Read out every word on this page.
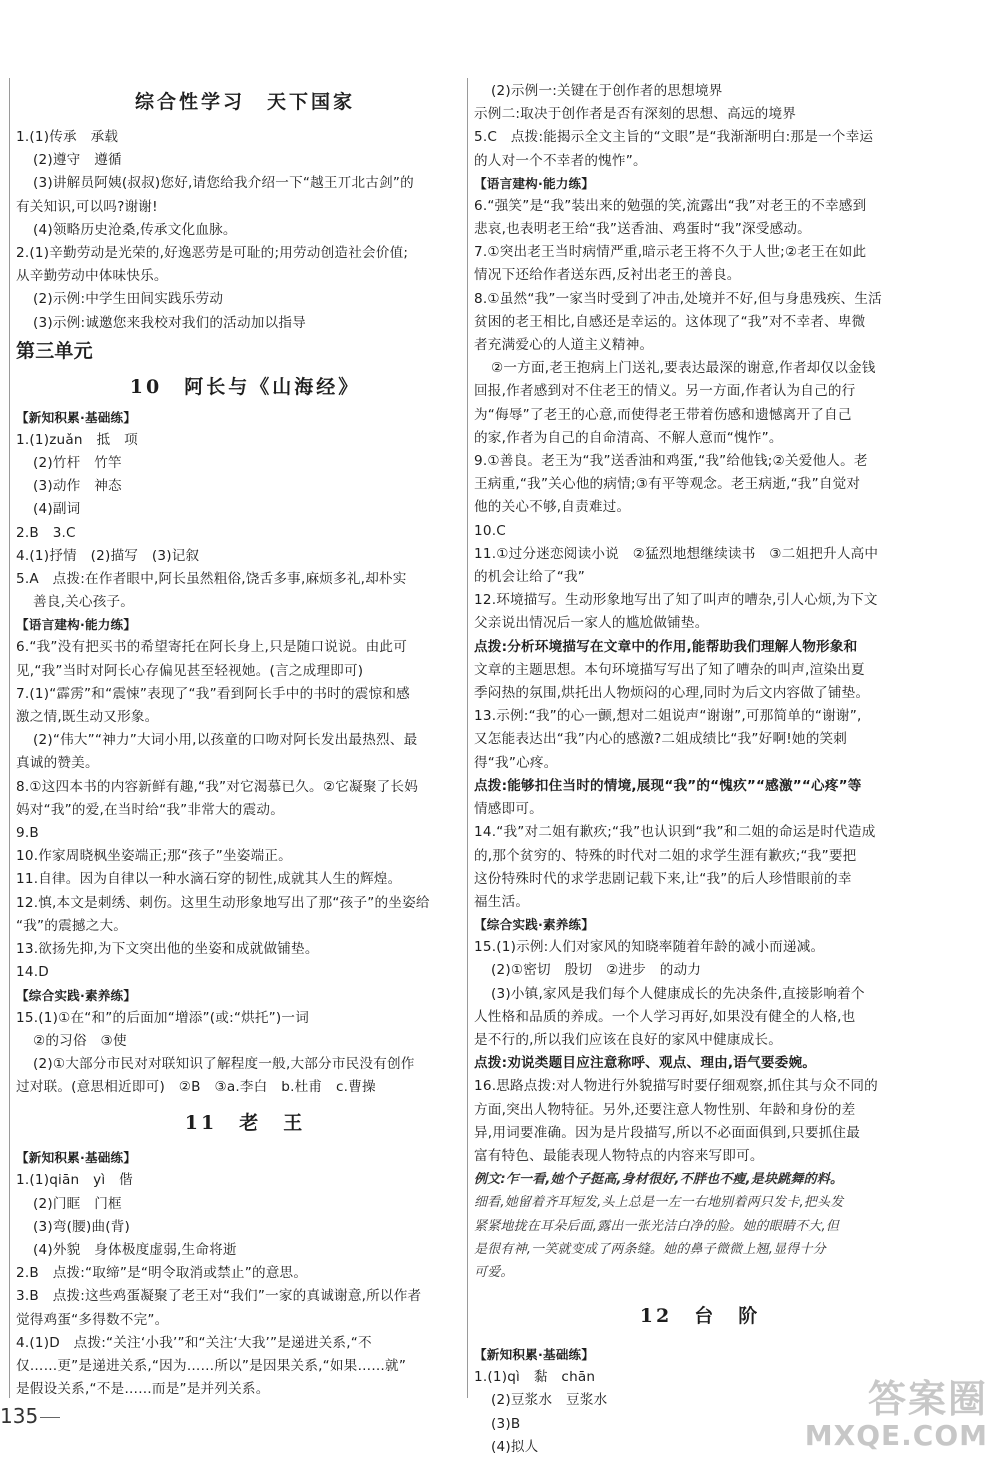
综合性学习　天下国家
1.(1)传承　承载
(2)遵守　遵循
(3)讲解员阿姨(叔叔)您好,请您给我介绍一下“越王丌北古剑”的
有关知识,可以吗?谢谢!
(4)领略历史沧桑,传承文化血脉。
2.(1)辛勤劳动是光荣的,好逸恶劳是可耻的;用劳动创造社会价值;
从辛勤劳动中体味快乐。
(2)示例:中学生田间实践乐劳动
(3)示例:诚邀您来我校对我们的活动加以指导
第三单元
10　阿长与《山海经》
【新知积累·基础练】
1.(1)zuǎn　抵　项
(2)竹杆　竹竿
(3)动作　神态
(4)副词
2.B　3.C
4.(1)抒情　(2)描写　(3)记叙
5.A　点拨:在作者眼中,阿长虽然粗俗,饶舌多事,麻烦多礼,却朴实
善良,关心孩子。
【语言建构·能力练】
6.“我”没有把买书的希望寄托在阿长身上,只是随口说说。由此可
见,“我”当时对阿长心存偏见甚至轻视她。(言之成理即可)
7.(1)“霹雳”和“震悚”表现了“我”看到阿长手中的书时的震惊和感
激之情,既生动又形象。
(2)“伟大”“神力”大词小用,以孩童的口吻对阿长发出最热烈、最
真诚的赞美。
8.①这四本书的内容新鲜有趣,“我”对它渴慕已久。②它凝聚了长妈
妈对“我”的爱,在当时给“我”非常大的震动。
9.B
10.作家周晓枫坐姿端正;那“孩子”坐姿端正。
11.自律。因为自律以一种水滴石穿的韧性,成就其人生的辉煌。
12.慎,本文是刺绣、刺伤。这里生动形象地写出了那“孩子”的坐姿给
“我”的震撼之大。
13.欲扬先抑,为下文突出他的坐姿和成就做铺垫。
14.D
【综合实践·素养练】
15.(1)①在“和”的后面加“增添”(或:“烘托”)一词
②的习俗　③使
(2)①大部分市民对对联知识了解程度一般,大部分市民没有创作
过对联。(意思相近即可)　②B　③a.李白　b.杜甫　c.曹操
11　老　王
【新知积累·基础练】
1.(1)qiān　yì　偕
(2)门眶　门框
(3)弯(腰)曲(背)
(4)外貌　身体极度虚弱,生命将逝
2.B　点拨:“取缔”是“明令取消或禁止”的意思。
3.B　点拨:这些鸡蛋凝聚了老王对“我们”一家的真诚谢意,所以作者
觉得鸡蛋“多得数不完”。
4.(1)D　点拨:“关注‘小我’”和“关注‘大我’”是递进关系,“不
仅……更”是递进关系,“因为……所以”是因果关系,“如果……就”
是假设关系,“不是……而是”是并列关系。
(2)示例一:关键在于创作者的思想境界
示例二:取决于创作者是否有深刻的思想、高远的境界
5.C　点拨:能揭示全文主旨的“文眼”是“我渐渐明白:那是一个幸运
的人对一个不幸者的愧怍”。
【语言建构·能力练】
6.“强笑”是“我”装出来的勉强的笑,流露出“我”对老王的不幸感到
悲哀,也表明老王给“我”送香油、鸡蛋时“我”深受感动。
7.①突出老王当时病情严重,暗示老王将不久于人世;②老王在如此
情况下还给作者送东西,反衬出老王的善良。
8.①虽然“我”一家当时受到了冲击,处境并不好,但与身患残疾、生活
贫困的老王相比,自感还是幸运的。这体现了“我”对不幸者、卑微
者充满爱心的人道主义精神。
②一方面,老王抱病上门送礼,要表达最深的谢意,作者却仅以金钱
回报,作者感到对不住老王的情义。另一方面,作者认为自己的行
为“侮辱”了老王的心意,而使得老王带着伤感和遗憾离开了自己
的家,作者为自己的自命清高、不解人意而“愧怍”。
9.①善良。老王为“我”送香油和鸡蛋,“我”给他钱;②关爱他人。老
王病重,“我”关心他的病情;③有平等观念。老王病逝,“我”自觉对
他的关心不够,自责难过。
10.C
11.①过分迷恋阅读小说　②猛烈地想继续读书　③二姐把升人高中
的机会让给了“我”
12.环境描写。生动形象地写出了知了叫声的嘈杂,引人心烦,为下文
父亲说出情况后一家人的尴尬做铺垫。
点拨:分析环境描写在文章中的作用,能帮助我们理解人物形象和
文章的主题思想。本句环境描写写出了知了嘈杂的叫声,渲染出夏
季闷热的氛围,烘托出人物烦闷的心理,同时为后文内容做了铺垫。
13.示例:“我”的心一颤,想对二姐说声“谢谢”,可那简单的“谢谢”,
又怎能表达出“我”内心的感激?二姐成绩比“我”好啊!她的笑刺
得“我”心疼。
点拨:能够扣住当时的情境,展现“我”的“愧疚”“感激”“心疼”等
情感即可。
14.“我”对二姐有歉疚;“我”也认识到“我”和二姐的命运是时代造成
的,那个贫穷的、特殊的时代对二姐的求学生涯有歉疚;“我”要把
这份特殊时代的求学悲剧记载下来,让“我”的后人珍惜眼前的幸
福生活。
【综合实践·素养练】
15.(1)示例:人们对家风的知晓率随着年龄的减小而递减。
(2)①密切　殷切　②进步　的动力
(3)小镇,家风是我们每个人健康成长的先决条件,直接影响着个
人性格和品质的养成。一个人学习再好,如果没有健全的人格,也
是不行的,所以我们应该在良好的家风中健康成长。
点拨:劝说类题目应注意称呼、观点、理由,语气要委婉。
16.思路点拨:对人物进行外貌描写时要仔细观察,抓住其与众不同的
方面,突出人物特征。另外,还要注意人物性别、年龄和身份的差
异,用词要准确。因为是片段描写,所以不必面面俱到,只要抓住最
富有特色、最能表现人物特点的内容来写即可。
例文:乍一看,她个子挺高,身材很好,不胖也不瘦,是块跳舞的料。
细看,她留着齐耳短发,头上总是一左一右地别着两只发卡,把头发
紧紧地拢在耳朵后面,露出一张光洁白净的脸。她的眼睛不大,但
是很有神,一笑就变成了两条缝。她的鼻子微微上翘,显得十分
可爱。
12　台　阶
【新知积累·基础练】
1.(1)qì　黏　chān
(2)豆浆水　豆浆水
(3)B
(4)拟人
135	答案圈
MXQE.COM
